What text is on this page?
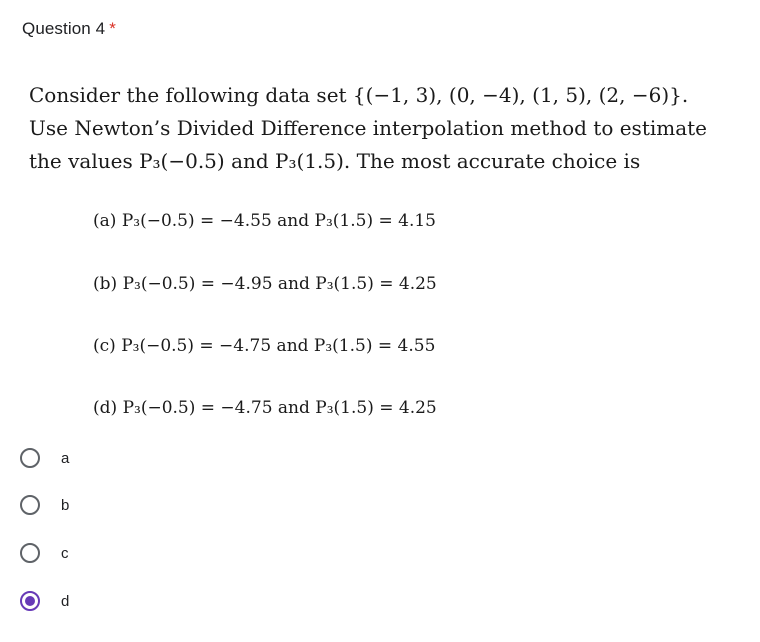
Question 4 *
Consider the following data set {(−1, 3), (0, −4), (1, 5), (2, −6)}.
Use Newton’s Divided Difference interpolation method to estimate
the values P₃(−0.5) and P₃(1.5). The most accurate choice is
(a) P₃(−0.5) = −4.55 and P₃(1.5) = 4.15
(b) P₃(−0.5) = −4.95 and P₃(1.5) = 4.25
(c) P₃(−0.5) = −4.75 and P₃(1.5) = 4.55
(d) P₃(−0.5) = −4.75 and P₃(1.5) = 4.25
a
b
c
d
